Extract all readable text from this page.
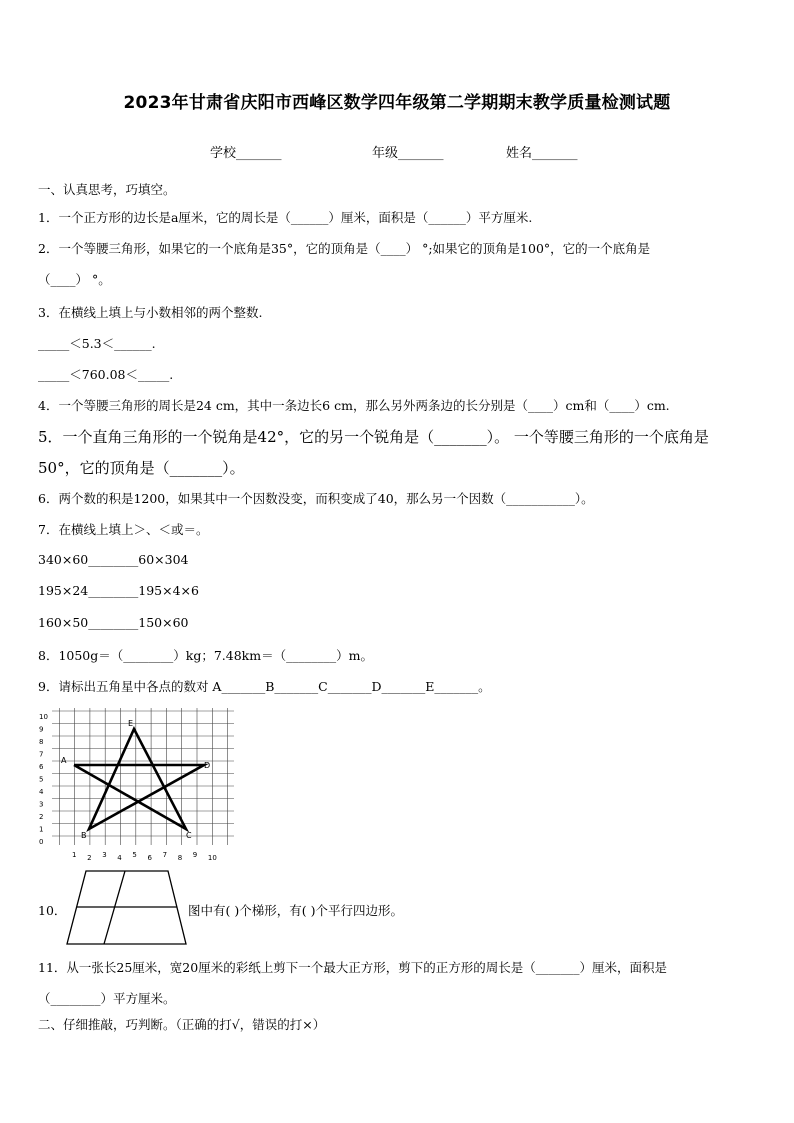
2023年甘肃省庆阳市西峰区数学四年级第二学期期末教学质量检测试题
学校_______	年级_______	姓名_______
一、认真思考，巧填空。
1．一个正方形的边长是a厘米，它的周长是（______）厘米，面积是（______）平方厘米.
2．一个等腰三角形，如果它的一个底角是35°，它的顶角是（____） °;如果它的顶角是100°，它的一个底角是
（____） °。
3．在横线上填上与小数相邻的两个整数.
_____＜5.3＜______.
_____＜760.08＜_____.
4．一个等腰三角形的周长是24 cm，其中一条边长6 cm，那么另外两条边的长分别是（____）cm和（____）cm.
5．一个直角三角形的一个锐角是42°，它的另一个锐角是（_______）。 一个等腰三角形的一个底角是
50°，它的顶角是（_______）。
6．两个数的积是1200，如果其中一个因数没变，而积变成了40，那么另一个因数（___________）。
7．在横线上填上＞、＜或＝。
340×60________60×304
195×24________195×4×6
160×50________150×60
8．1050g＝（________）kg；7.48km＝（________）m。
9．请标出五角星中各点的数对 A_______B_______C_______D_______E_______。
10
9
8
7
6
5
4
3
2
1
0
1 2 3 4 5 6 7 8 9 10
A
B	C
D
E
10．	图中有( )个梯形，有( )个平行四边形。
11．从一张长25厘米，宽20厘米的彩纸上剪下一个最大正方形，剪下的正方形的周长是（_______）厘米，面积是
（________）平方厘米。
二、仔细推敲，巧判断。（正确的打√，错误的打×）
